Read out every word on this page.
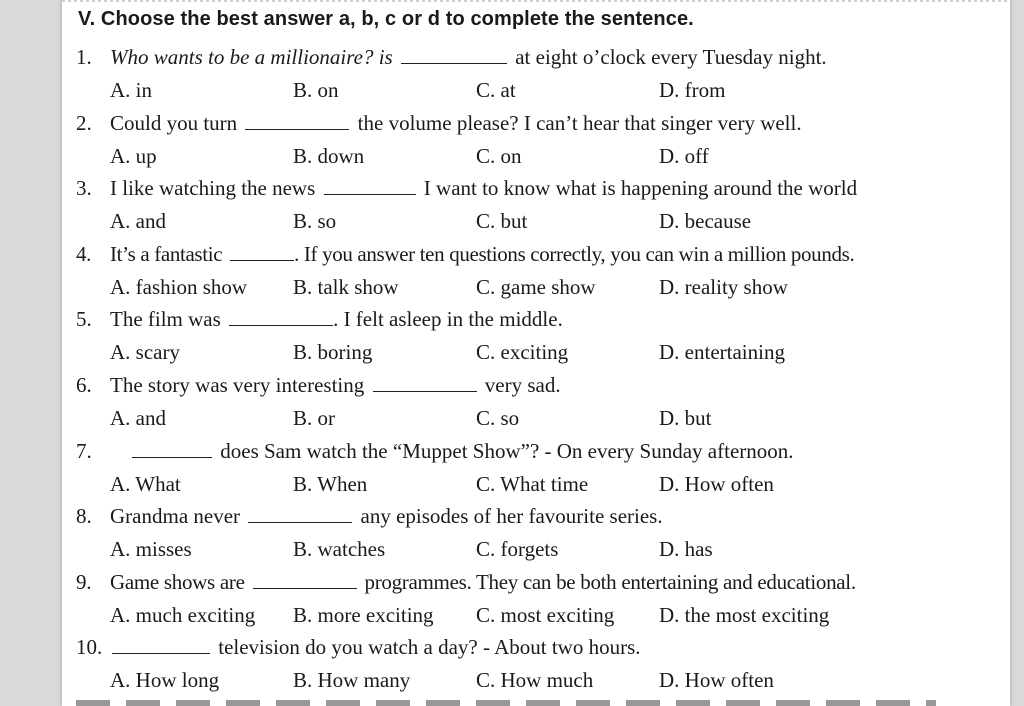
V. Choose the best answer a, b, c or d to complete the sentence.
1. Who wants to be a millionaire? is	at eight o’clock every Tuesday night.
A. in	B. on	C. at	D. from
2. Could you turn	the volume please? I can’t hear that singer very well.
A. up	B. down	C. on	D. off
3. I like watching the news	I want to know what is happening around the world
A. and	B. so	C. but	D. because
4. It’s a fantastic	. If you answer ten questions correctly, you can win a million pounds.
A. fashion show B. talk show	C. game show	D. reality show
5. The film was	. I felt asleep in the middle.
A. scary	B. boring	C. exciting	D. entertaining
6. The story was very interesting	very sad.
A. and	B. or	C. so	D. but
7.	does Sam watch the “Muppet Show”? - On every Sunday afternoon.
A. What	B. When	C. What time	D. How often
8. Grandma never	any episodes of her favourite series.
A. misses	B. watches	C. forgets	D. has
9. Game shows are	programmes. They can be both entertaining and educational.
A. much exciting B. more exciting C. most exciting D. the most exciting
10.	television do you watch a day? - About two hours.
A. How long	B. How many	C. How much	D. How often
